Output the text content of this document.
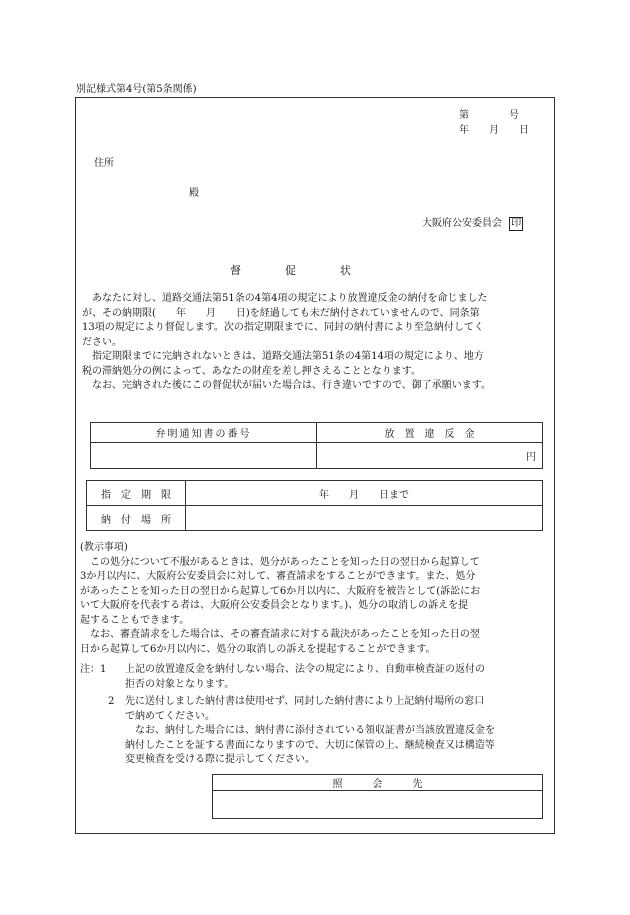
別記様式第4号(第5条関係)
第　　　　号
年　　月　　日
住所
殿
大阪府公安委員会 印
督　　　　促　　　　状
　あなたに対し、道路交通法第51条の4第4項の規定により放置違反金の納付を命じました
が、その納期限(　　年　　月　　日)を経過しても未だ納付されていませんので、同条第
13項の規定により督促します。次の指定期限までに、同封の納付書により至急納付してく
ださい。
　指定期限までに完納されないときは、道路交通法第51条の4第14項の規定により、地方
税の滞納処分の例によって、あなたの財産を差し押さえることとなります。
　なお、完納された後にこの督促状が届いた場合は、行き違いですので、御了承願います。
弁明通知書の番号	放　置　違　反　金
	円
指　定　期　限	年　　月　　日まで
納　付　場　所	
(教示事項)
　この処分について不服があるときは、処分があったことを知った日の翌日から起算して
3か月以内に、大阪府公安委員会に対して、審査請求をすることができます。また、処分
があったことを知った日の翌日から起算して6か月以内に、大阪府を被告として(訴訟にお
いて大阪府を代表する者は、大阪府公安委員会となります。)、処分の取消しの訴えを提
起することもできます。
　なお、審査請求をした場合は、その審査請求に対する裁決があったことを知った日の翌
日から起算して6か月以内に、処分の取消しの訴えを提起することができます。
注：1 上記の放置違反金を納付しない場合、法令の規定により、自動車検査証の返付の
拒否の対象となります。
2 先に送付しました納付書は使用せず、同封した納付書により上記納付場所の窓口
で納めてください。
　なお、納付した場合には、納付書に添付されている領収証書が当該放置違反金を
納付したことを証する書面になりますので、大切に保管の上、継続検査又は構造等
変更検査を受ける際に提示してください。
照　　　会　　　先
